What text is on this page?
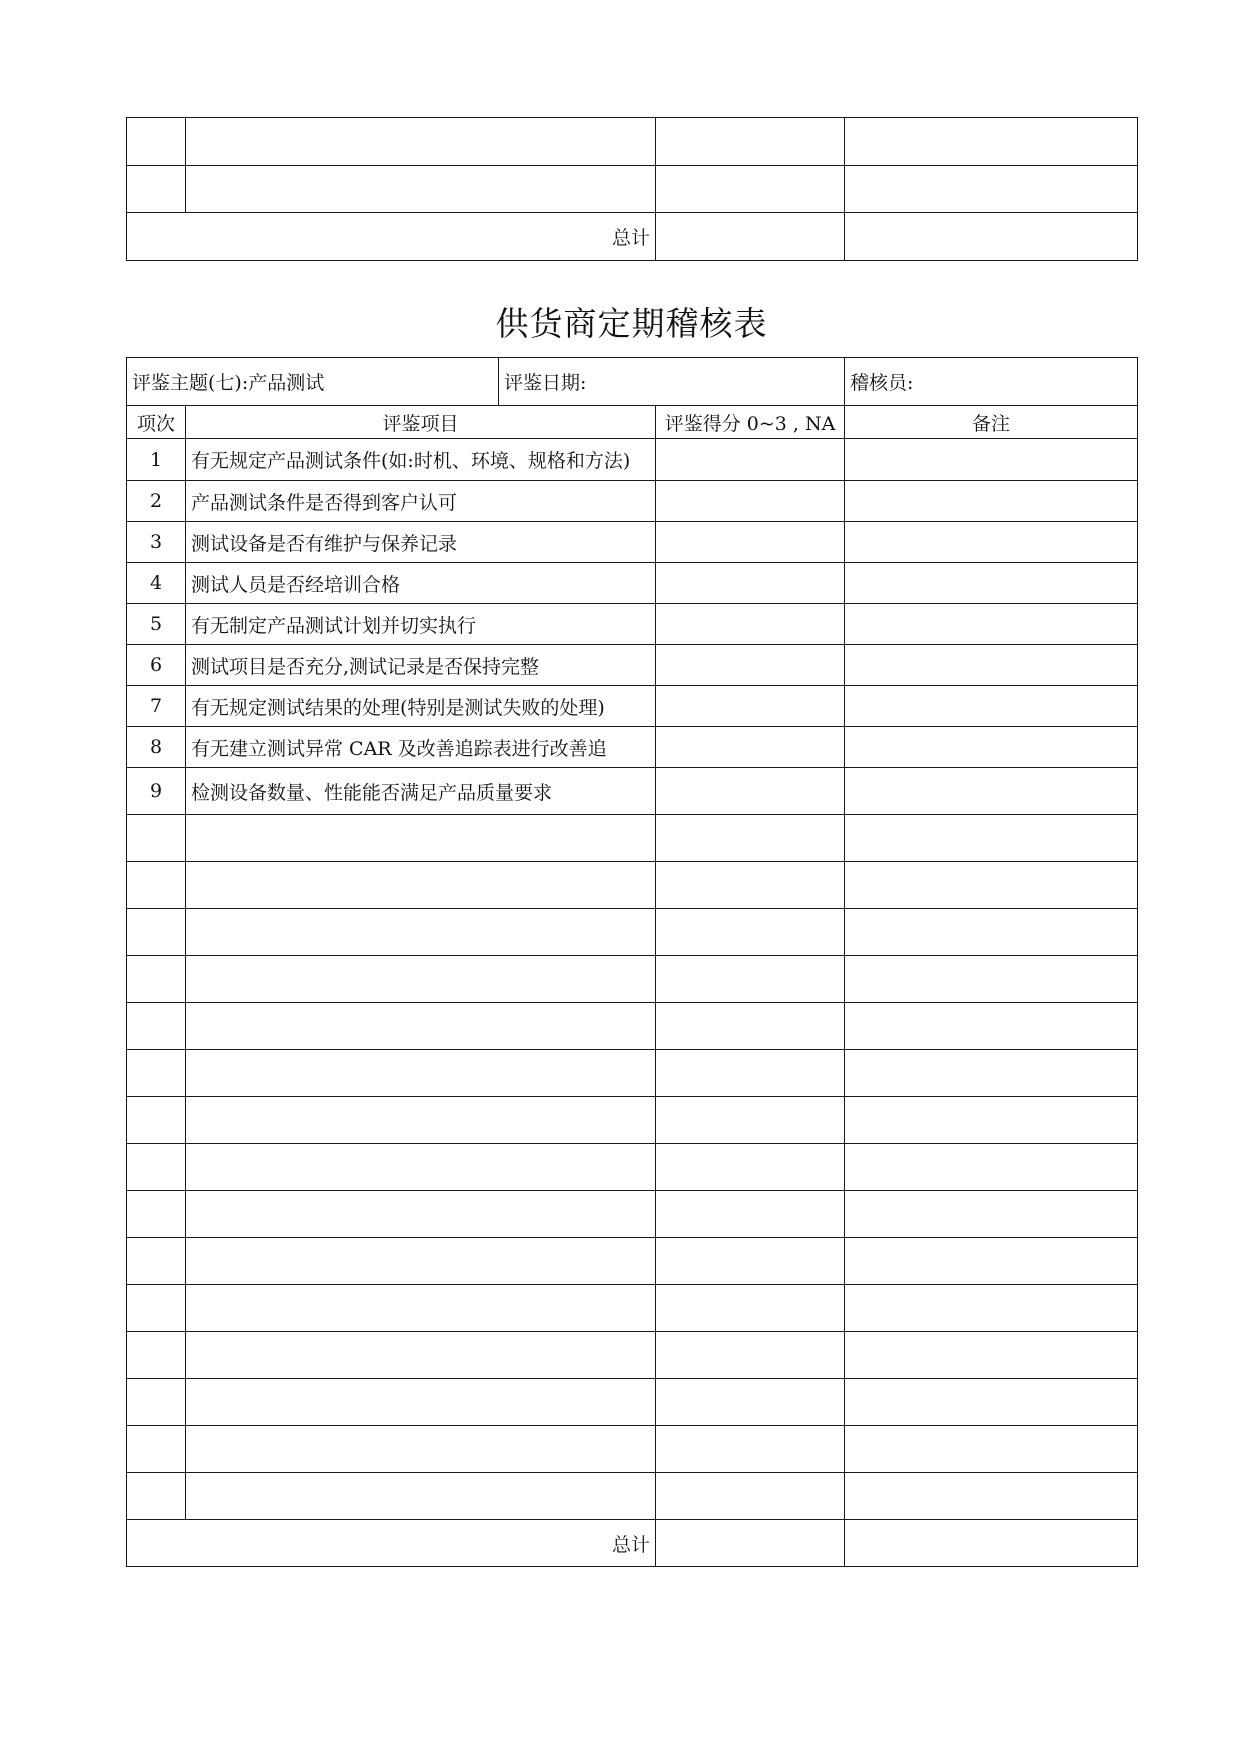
总计			
供货商定期稽核表
评鉴主题(七):产品测试		评鉴日期:		稽核员:
项次	评鉴项目		评鉴得分 0~3 , NA	备注
1	有无规定产品测试条件(如:时机、环境、规格和方法)			
2	产品测试条件是否得到客户认可			
3	测试设备是否有维护与保养记录			
4	测试人员是否经培训合格			
5	有无制定产品测试计划并切实执行			
6	测试项目是否充分,测试记录是否保持完整			
7	有无规定测试结果的处理(特别是测试失败的处理)			
8	有无建立测试异常 CAR 及改善追踪表进行改善追			
9	检测设备数量、性能能否满足产品质量要求			

总计				
